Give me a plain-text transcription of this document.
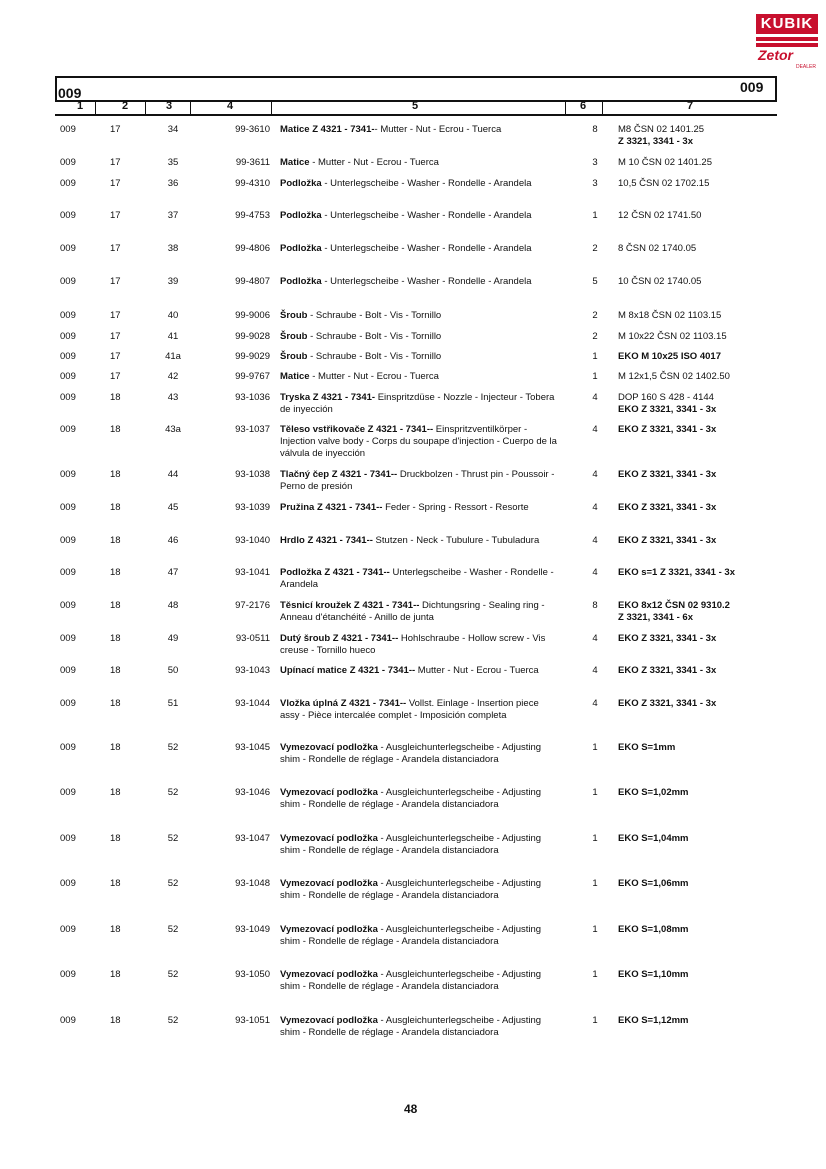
KUBIK
Zetor
DEALER
009	009
1	2	3	4	5	6	7
009	17	34	99-3610 Matice Z 4321 - 7341-- Mutter - Nut - Ecrou - Tuerca	8	M8 ČSN 02 1401.25
Z 3321, 3341 - 3x
009	17	35	99-3611 Matice - Mutter - Nut - Ecrou - Tuerca	3	M 10 ČSN 02 1401.25
009	17	36	99-4310 Podložka - Unterlegscheibe - Washer - Rondelle - Arandela	3	10,5 ČSN 02 1702.15
009	17	37	99-4753 Podložka - Unterlegscheibe - Washer - Rondelle - Arandela	1	12 ČSN 02 1741.50
009	17	38	99-4806 Podložka - Unterlegscheibe - Washer - Rondelle - Arandela	2	8 ČSN 02 1740.05
009	17	39	99-4807 Podložka - Unterlegscheibe - Washer - Rondelle - Arandela	5	10 ČSN 02 1740.05
009	17	40	99-9006 Šroub - Schraube - Bolt - Vis - Tornillo	2	M 8x18 ČSN 02 1103.15
009	17	41	99-9028 Šroub - Schraube - Bolt - Vis - Tornillo	2	M 10x22 ČSN 02 1103.15
009	17	41a	99-9029 Šroub - Schraube - Bolt - Vis - Tornillo	1	EKO M 10x25 ISO 4017
009	17	42	99-9767 Matice - Mutter - Nut - Ecrou - Tuerca	1	M 12x1,5 ČSN 02 1402.50
009	18	43	93-1036 Tryska Z 4321 - 7341- Einspritzdüse - Nozzle - Injecteur - Tobera de inyección
4	DOP 160 S 428 - 4144
EKO Z 3321, 3341 - 3x
009	18	43a	93-1037 Těleso vstřikovače Z 4321 - 7341-- Einspritzventilkörper - Injection valve body - Corps du soupape d'injection - Cuerpo de la válvula de inyección
4	EKO Z 3321, 3341 - 3x
009	18	44	93-1038 Tlačný čep Z 4321 - 7341-- Druckbolzen - Thrust pin - Poussoir - Perno de presión
4	EKO Z 3321, 3341 - 3x
009	18	45	93-1039 Pružina Z 4321 - 7341-- Feder - Spring - Ressort - Resorte	4	EKO Z 3321, 3341 - 3x
009	18	46	93-1040 Hrdlo Z 4321 - 7341-- Stutzen - Neck - Tubulure - Tubuladura	4	EKO Z 3321, 3341 - 3x
009	18	47	93-1041 Podložka Z 4321 - 7341-- Unterlegscheibe - Washer - Rondelle - Arandela
4	EKO s=1 Z 3321, 3341 - 3x
009	18	48	97-2176 Těsnicí kroužek Z 4321 - 7341-- Dichtungsring - Sealing ring - Anneau d'étanchéité - Anillo de junta
8	EKO 8x12 ČSN 02 9310.2
Z 3321, 3341 - 6x
009	18	49	93-0511 Dutý šroub Z 4321 - 7341-- Hohlschraube - Hollow screw - Vis creuse - Tornillo hueco
4	EKO Z 3321, 3341 - 3x
009	18	50	93-1043 Upínací matice Z 4321 - 7341-- Mutter - Nut - Ecrou - Tuerca	4	EKO Z 3321, 3341 - 3x
009	18	51	93-1044 Vložka úplná Z 4321 - 7341-- Vollst. Einlage - Insertion piece assy - Pièce intercalée complet - Imposición completa
4	EKO Z 3321, 3341 - 3x
009	18	52	93-1045 Vymezovací podložka - Ausgleichunterlegscheibe - Adjusting shim - Rondelle de réglage - Arandela distanciadora
1	EKO S=1mm
009	18	52	93-1046 Vymezovací podložka - Ausgleichunterlegscheibe - Adjusting shim - Rondelle de réglage - Arandela distanciadora
1	EKO S=1,02mm
009	18	52	93-1047 Vymezovací podložka - Ausgleichunterlegscheibe - Adjusting shim - Rondelle de réglage - Arandela distanciadora
1	EKO S=1,04mm
009	18	52	93-1048 Vymezovací podložka - Ausgleichunterlegscheibe - Adjusting shim - Rondelle de réglage - Arandela distanciadora
1	EKO S=1,06mm
009	18	52	93-1049 Vymezovací podložka - Ausgleichunterlegscheibe - Adjusting shim - Rondelle de réglage - Arandela distanciadora
1	EKO S=1,08mm
009	18	52	93-1050 Vymezovací podložka - Ausgleichunterlegscheibe - Adjusting shim - Rondelle de réglage - Arandela distanciadora
1	EKO S=1,10mm
009	18	52	93-1051 Vymezovací podložka - Ausgleichunterlegscheibe - Adjusting shim - Rondelle de réglage - Arandela distanciadora
1	EKO S=1,12mm
48
